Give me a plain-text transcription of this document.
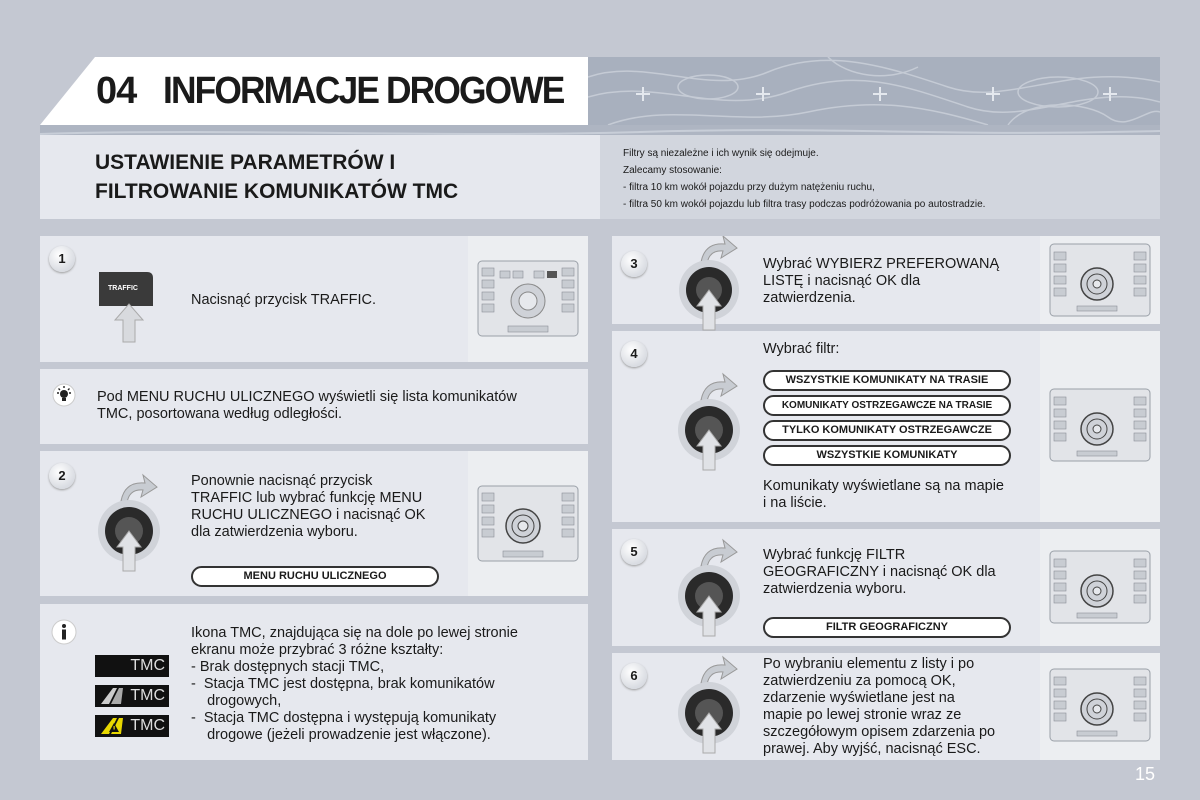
04 INFORMACJE DROGOWE
USTAWIENIE PARAMETRÓW I
FILTROWANIE KOMUNIKATÓW TMC
Filtry są niezależne i ich wynik się odejmuje.
Zalecamy stosowanie:
- filtra 10 km wokół pojazdu przy dużym natężeniu ruchu,
- filtra 50 km wokół pojazdu lub filtra trasy podczas podróżowania po autostradzie.
1
TRAFFIC
Nacisnąć przycisk TRAFFIC.
Pod MENU RUCHU ULICZNEGO wyświetli się lista komunikatów
TMC, posortowana według odległości.
2	Ponownie nacisnąć przycisk
TRAFFIC lub wybrać funkcję MENU
RUCHU ULICZNEGO i nacisnąć OK
dla zatwierdzenia wyboru.
MENU RUCHU ULICZNEGO
TMC
TMC
TMC
Ikona TMC, znajdująca się na dole po lewej stronie
ekranu może przybrać 3 różne kształty:
- Brak dostępnych stacji TMC,
-  Stacja TMC jest dostępna, brak komunikatów
drogowych,
-  Stacja TMC dostępna i występują komunikaty
drogowe (jeżeli prowadzenie jest włączone).
3	Wybrać WYBIERZ PREFEROWANĄ
LISTĘ i nacisnąć OK dla
zatwierdzenia.
4	Wybrać filtr:
WSZYSTKIE KOMUNIKATY NA TRASIE
KOMUNIKATY OSTRZEGAWCZE NA TRASIE
TYLKO KOMUNIKATY OSTRZEGAWCZE
WSZYSTKIE KOMUNIKATY
Komunikaty wyświetlane są na mapie
i na liście.
5	Wybrać funkcję FILTR
GEOGRAFICZNY i nacisnąć OK dla
zatwierdzenia wyboru.
FILTR GEOGRAFICZNY
6
Po wybraniu elementu z listy i po
zatwierdzeniu za pomocą OK,
zdarzenie wyświetlane jest na
mapie po lewej stronie wraz ze
szczegółowym opisem zdarzenia po
prawej. Aby wyjść, nacisnąć ESC.
15
